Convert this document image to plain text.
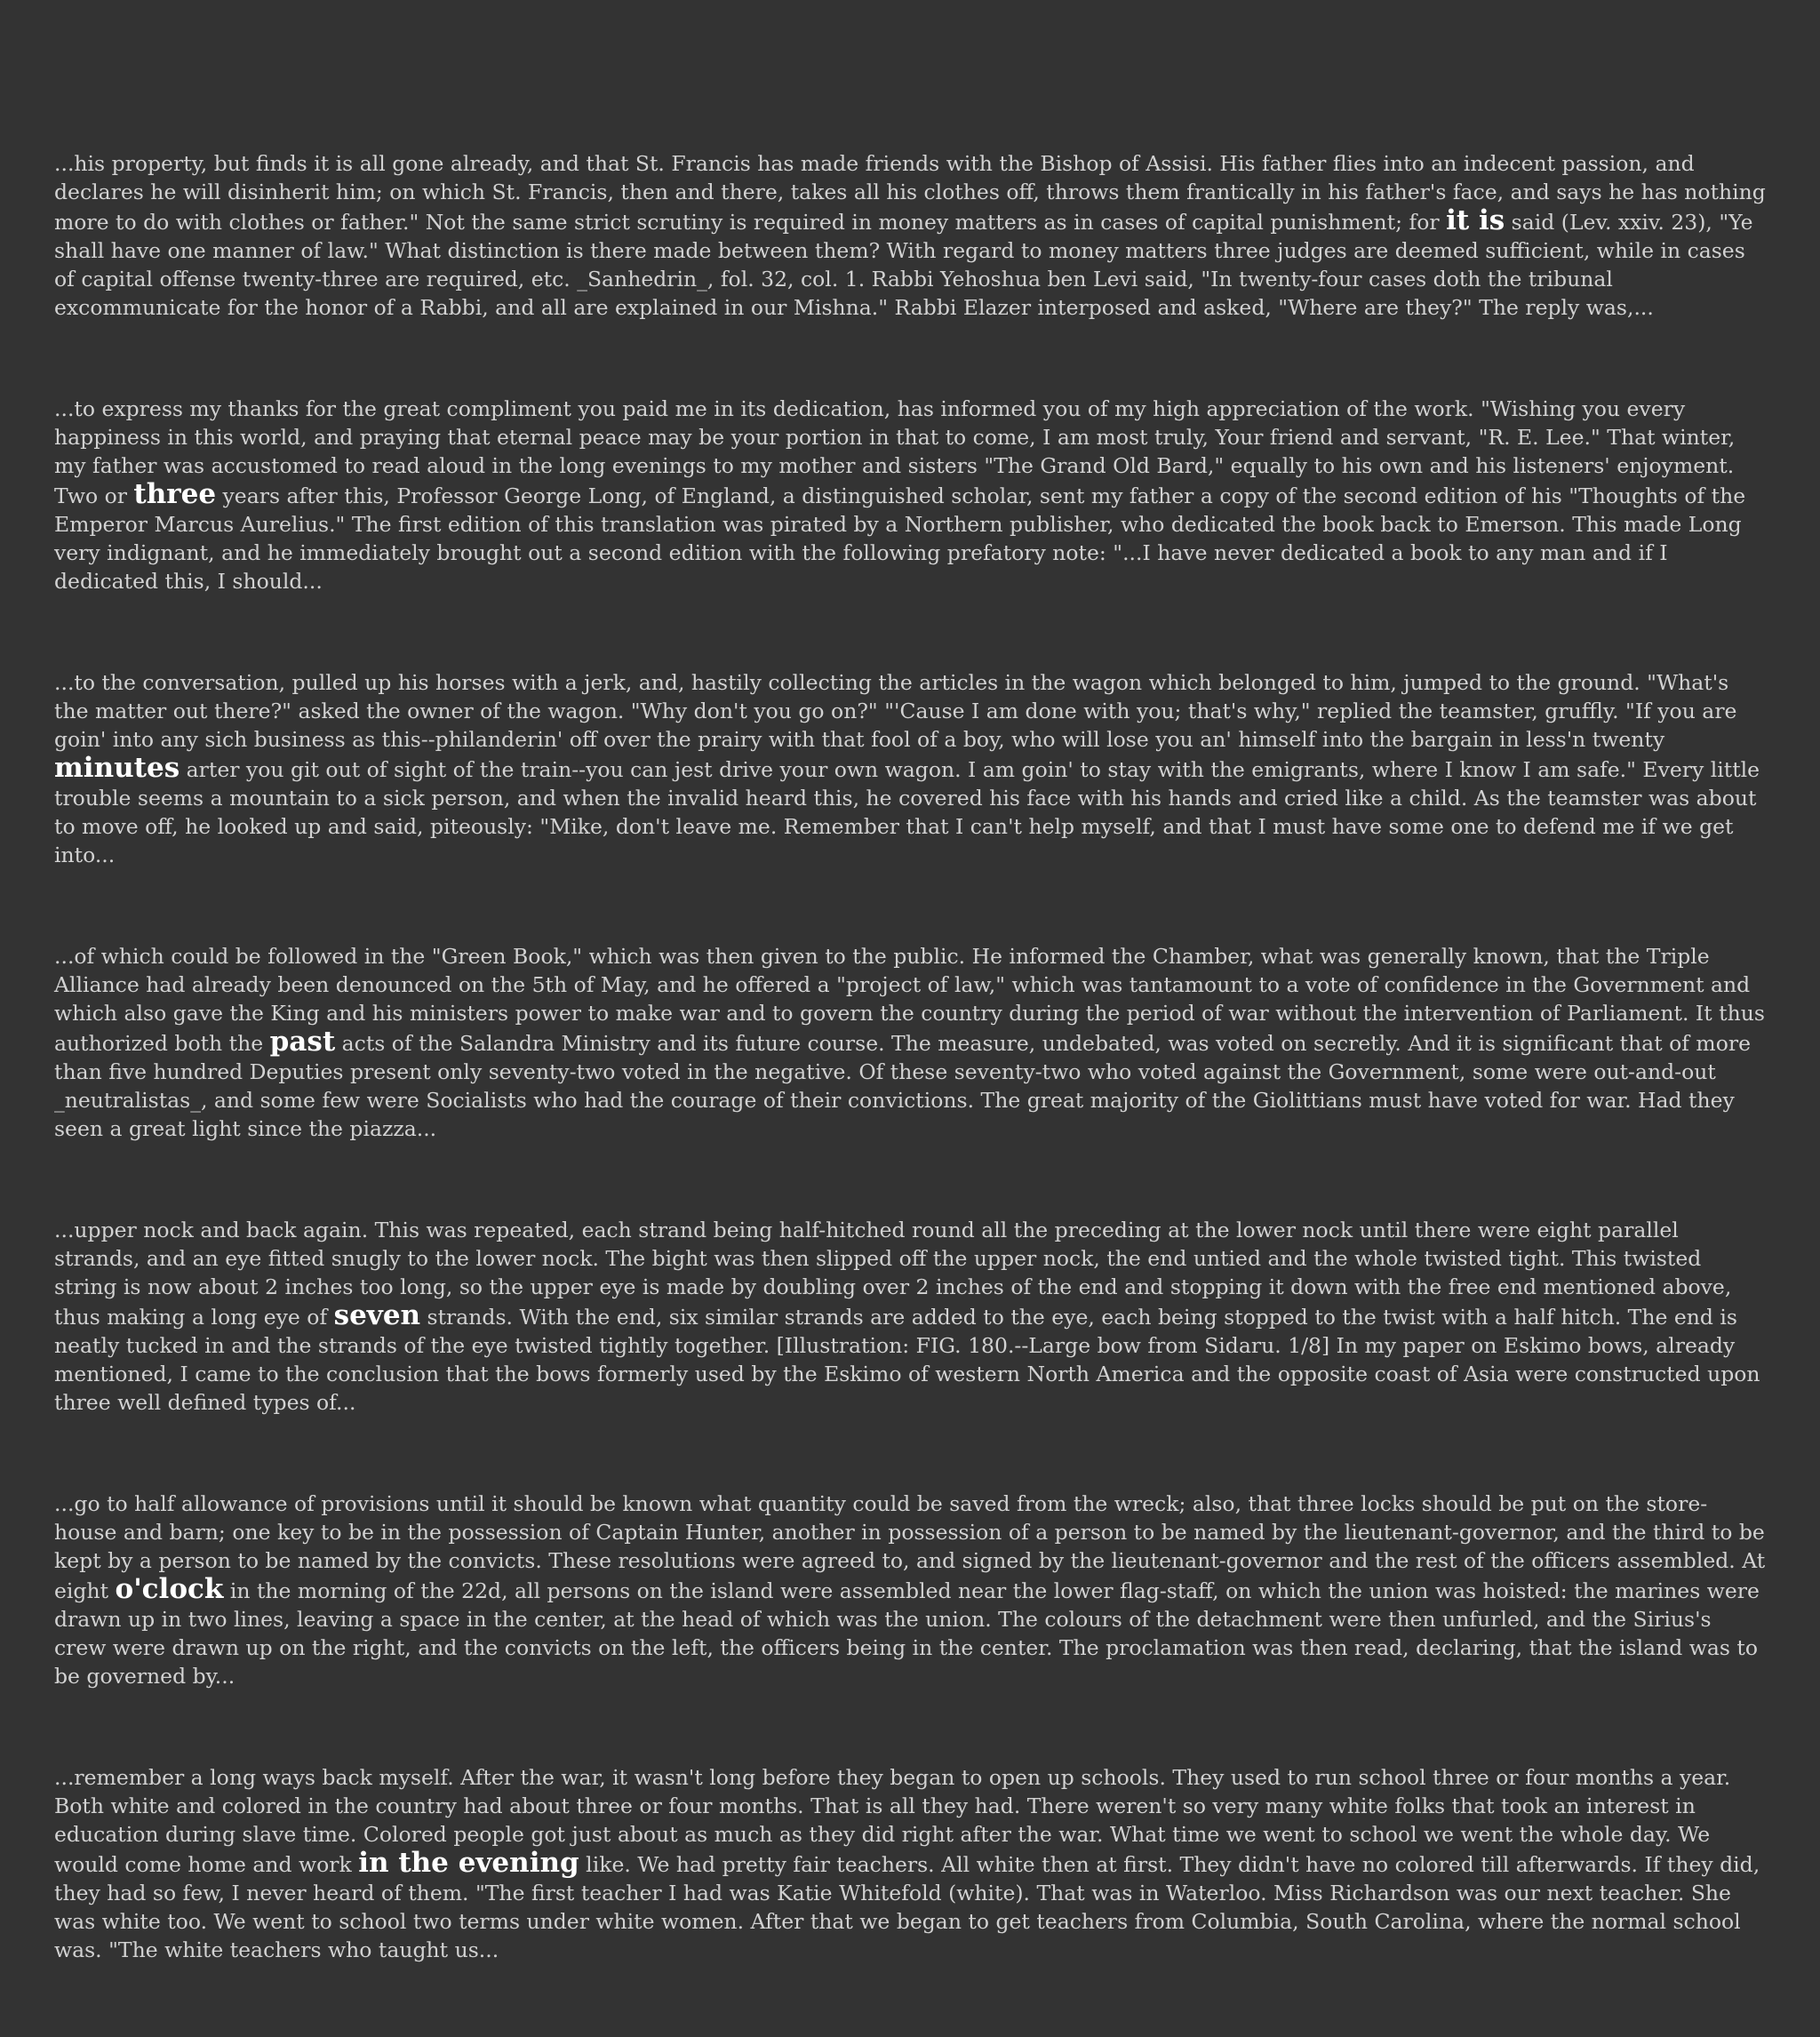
...his property, but finds it is all gone already, and that St. Francis has made friends with the Bishop of Assisi. His father flies into an indecent passion, and declares he will disinherit him; on which St. Francis, then and there, takes all his clothes off, throws them frantically in his father's face, and says he has nothing more to do with clothes or father." Not the same strict scrutiny is required in money matters as in cases of capital punishment; for it is said (Lev. xxiv. 23), "Ye shall have one manner of law." What distinction is there made between them? With regard to money matters three judges are deemed sufficient, while in cases of capital offense twenty-three are required, etc. _Sanhedrin_, fol. 32, col. 1. Rabbi Yehoshua ben Levi said, "In twenty-four cases doth the tribunal excommunicate for the honor of a Rabbi, and all are explained in our Mishna." Rabbi Elazer interposed and asked, "Where are they?" The reply was,...

...to express my thanks for the great compliment you paid me in its dedication, has informed you of my high appreciation of the work. "Wishing you every happiness in this world, and praying that eternal peace may be your portion in that to come, I am most truly, Your friend and servant, "R. E. Lee." That winter, my father was accustomed to read aloud in the long evenings to my mother and sisters "The Grand Old Bard," equally to his own and his listeners' enjoyment. Two or three years after this, Professor George Long, of England, a distinguished scholar, sent my father a copy of the second edition of his "Thoughts of the Emperor Marcus Aurelius." The first edition of this translation was pirated by a Northern publisher, who dedicated the book back to Emerson. This made Long very indignant, and he immediately brought out a second edition with the following prefatory note: "...I have never dedicated a book to any man and if I dedicated this, I should...

...to the conversation, pulled up his horses with a jerk, and, hastily collecting the articles in the wagon which belonged to him, jumped to the ground. "What's the matter out there?" asked the owner of the wagon. "Why don't you go on?" "'Cause I am done with you; that's why," replied the teamster, gruffly. "If you are goin' into any sich business as this--philanderin' off over the prairy with that fool of a boy, who will lose you an' himself into the bargain in less'n twenty minutes arter you git out of sight of the train--you can jest drive your own wagon. I am goin' to stay with the emigrants, where I know I am safe." Every little trouble seems a mountain to a sick person, and when the invalid heard this, he covered his face with his hands and cried like a child. As the teamster was about to move off, he looked up and said, piteously: "Mike, don't leave me. Remember that I can't help myself, and that I must have some one to defend me if we get into...

...of which could be followed in the "Green Book," which was then given to the public. He informed the Chamber, what was generally known, that the Triple Alliance had already been denounced on the 5th of May, and he offered a "project of law," which was tantamount to a vote of confidence in the Government and which also gave the King and his ministers power to make war and to govern the country during the period of war without the intervention of Parliament. It thus authorized both the past acts of the Salandra Ministry and its future course. The measure, undebated, was voted on secretly. And it is significant that of more than five hundred Deputies present only seventy-two voted in the negative. Of these seventy-two who voted against the Government, some were out-and-out _neutralistas_, and some few were Socialists who had the courage of their convictions. The great majority of the Giolittians must have voted for war. Had they seen a great light since the piazza...

...upper nock and back again. This was repeated, each strand being half-hitched round all the preceding at the lower nock until there were eight parallel strands, and an eye fitted snugly to the lower nock. The bight was then slipped off the upper nock, the end untied and the whole twisted tight. This twisted string is now about 2 inches too long, so the upper eye is made by doubling over 2 inches of the end and stopping it down with the free end mentioned above, thus making a long eye of seven strands. With the end, six similar strands are added to the eye, each being stopped to the twist with a half hitch. The end is neatly tucked in and the strands of the eye twisted tightly together. [Illustration: FIG. 180.--Large bow from Sidaru. 1/8] In my paper on Eskimo bows, already mentioned, I came to the conclusion that the bows formerly used by the Eskimo of western North America and the opposite coast of Asia were constructed upon three well defined types of...

...go to half allowance of provisions until it should be known what quantity could be saved from the wreck; also, that three locks should be put on the store-house and barn; one key to be in the possession of Captain Hunter, another in possession of a person to be named by the lieutenant-governor, and the third to be kept by a person to be named by the convicts. These resolutions were agreed to, and signed by the lieutenant-governor and the rest of the officers assembled. At eight o'clock in the morning of the 22d, all persons on the island were assembled near the lower flag-staff, on which the union was hoisted: the marines were drawn up in two lines, leaving a space in the center, at the head of which was the union. The colours of the detachment were then unfurled, and the Sirius's crew were drawn up on the right, and the convicts on the left, the officers being in the center. The proclamation was then read, declaring, that the island was to be governed by...

...remember a long ways back myself. After the war, it wasn't long before they began to open up schools. They used to run school three or four months a year. Both white and colored in the country had about three or four months. That is all they had. There weren't so very many white folks that took an interest in education during slave time. Colored people got just about as much as they did right after the war. What time we went to school we went the whole day. We would come home and work in the evening like. We had pretty fair teachers. All white then at first. They didn't have no colored till afterwards. If they did, they had so few, I never heard of them. "The first teacher I had was Katie Whitefold (white). That was in Waterloo. Miss Richardson was our next teacher. She was white too. We went to school two terms under white women. After that we began to get teachers from Columbia, South Carolina, where the normal school was. "The white teachers who taught us...
